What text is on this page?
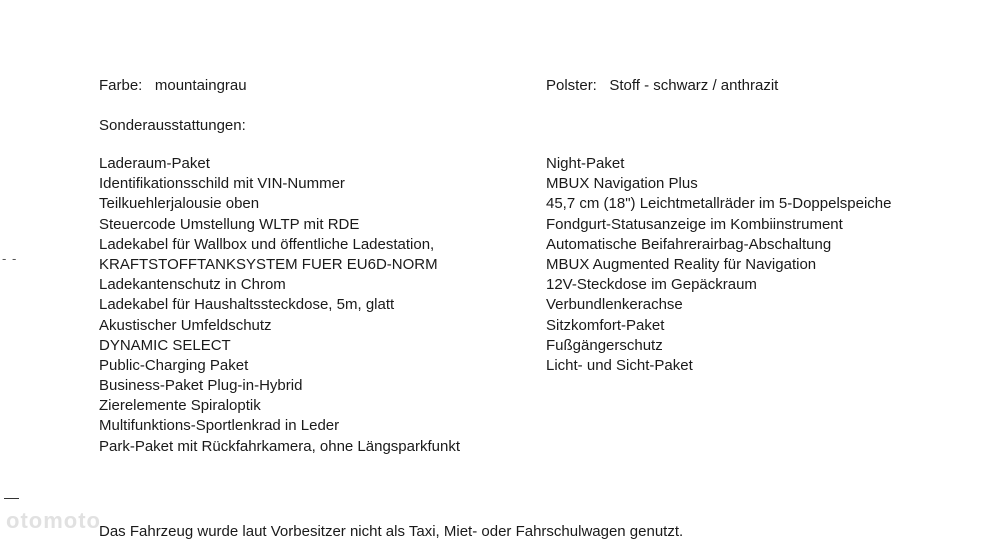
Farbe: mountaingrau	Polster: Stoff - schwarz / anthrazit
Sonderausstattungen:
Laderaum-Paket
Identifikationsschild mit VIN-Nummer
Teilkuehlerjalousie oben
Steuercode Umstellung WLTP mit RDE
Ladekabel für Wallbox und öffentliche Ladestation,
KRAFTSTOFFTANKSYSTEM FUER EU6D-NORM
Ladekantenschutz in Chrom
Ladekabel für Haushaltssteckdose, 5m, glatt
Akustischer Umfeldschutz
DYNAMIC SELECT
Public-Charging Paket
Business-Paket Plug-in-Hybrid
Zierelemente Spiraloptik
Multifunktions-Sportlenkrad in Leder
Park-Paket mit Rückfahrkamera, ohne Längsparkfunkt
Night-Paket
MBUX Navigation Plus
45,7 cm (18") Leichtmetallräder im 5-Doppelspeiche
Fondgurt-Statusanzeige im Kombiinstrument
Automatische Beifahrerairbag-Abschaltung
MBUX Augmented Reality für Navigation
12V-Steckdose im Gepäckraum
Verbundlenkerachse
Sitzkomfort-Paket
Fußgängerschutz
Licht- und Sicht-Paket
- -
otomoto
Das Fahrzeug wurde laut Vorbesitzer nicht als Taxi, Miet- oder Fahrschulwagen genutzt.
